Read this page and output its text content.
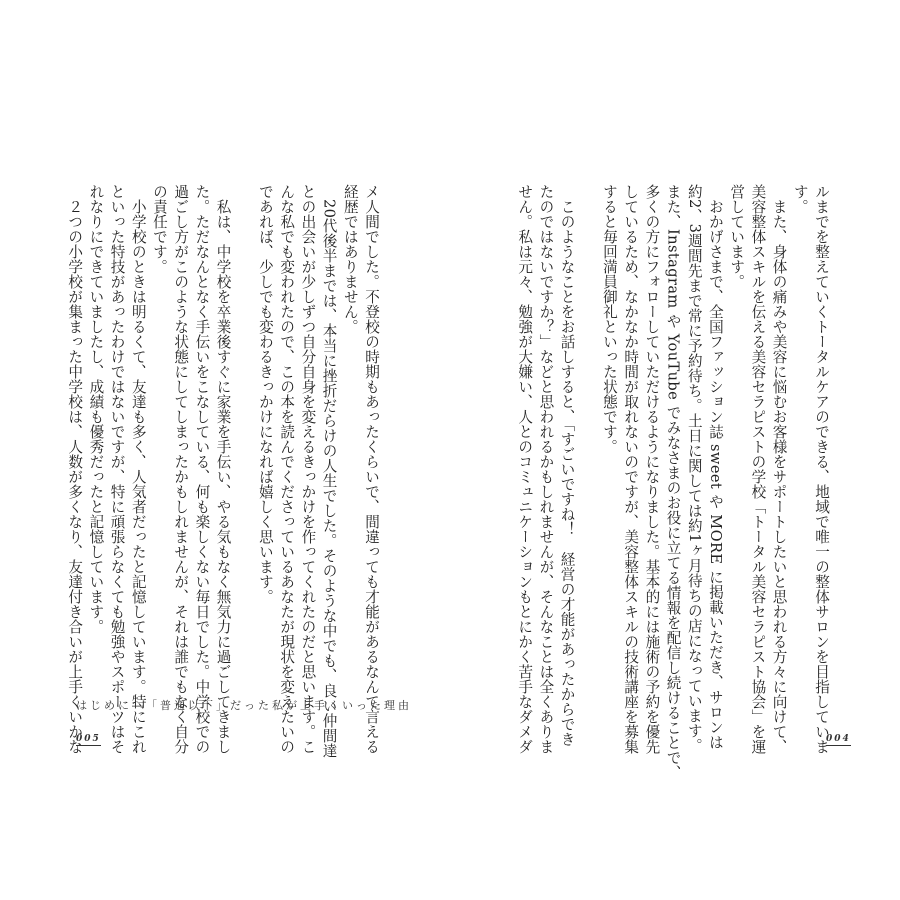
ルまでを整えていくトータルケアのできる、地域で唯一の整体サロンを目指していま
す。
　また、身体の痛みや美容に悩むお客様をサポートしたいと思われる方々に向けて、
美容整体スキルを伝える美容セラピストの学校「トータル美容セラピスト協会」を運
営しています。
　おかげさまで、全国ファッション誌 sweet や MORE に掲載いただき、サロンは
約2、3週間先まで常に予約待ち。土日に関しては約1ヶ月待ちの店になっています。
また、Instagram や YouTube でみなさまのお役に立てる情報を配信し続けることで、
多くの方にフォローしていただけるようになりました。基本的には施術の予約を優先
しているため、なかなか時間が取れないのですが、美容整体スキルの技術講座を募集
すると毎回満員御礼といった状態です。
　このようなことをお話しすると、「すごいですね！　経営の才能があったからでき
たのではないですか？」などと思われるかもしれませんが、そんなことは全くありま
せん。私は元々、勉強が大嫌い、人とのコミュニケーションもとにかく苦手なダメダ
メ人間でした。不登校の時期もあったくらいで、間違っても才能があるなんて言える
経歴ではありません。
　20代後半までは、本当に挫折だらけの人生でした。そのような中でも、良い仲間達
との出会いが少しずつ自分自身を変えるきっかけを作ってくれたのだと思います。こ
んな私でも変われたので、この本を読んでくださっているあなたが現状を変えたいの
であれば、少しでも変わるきっかけになれば嬉しく思います。
　私は、中学校を卒業後すぐに家業を手伝い、やる気もなく無気力に過ごしてきまし
た。ただなんとなく手伝いをこなしている、何も楽しくない毎日でした。中学校での
過ごし方がこのような状態にしてしまったかもしれませんが、それは誰でもなく自分
の責任です。
　小学校のときは明るくて、友達も多く、人気者だったと記憶しています。特にこれ
といった特技があったわけではないですが、特に頑張らなくても勉強やスポーツはそ
れなりにできていましたし、成績も優秀だったと記憶しています。
　２つの小学校が集まった中学校は、人数が多くなり、友達付き合いが上手くいかな
はじめに―「普通以下」だった私が上手くいった理由
005	004
